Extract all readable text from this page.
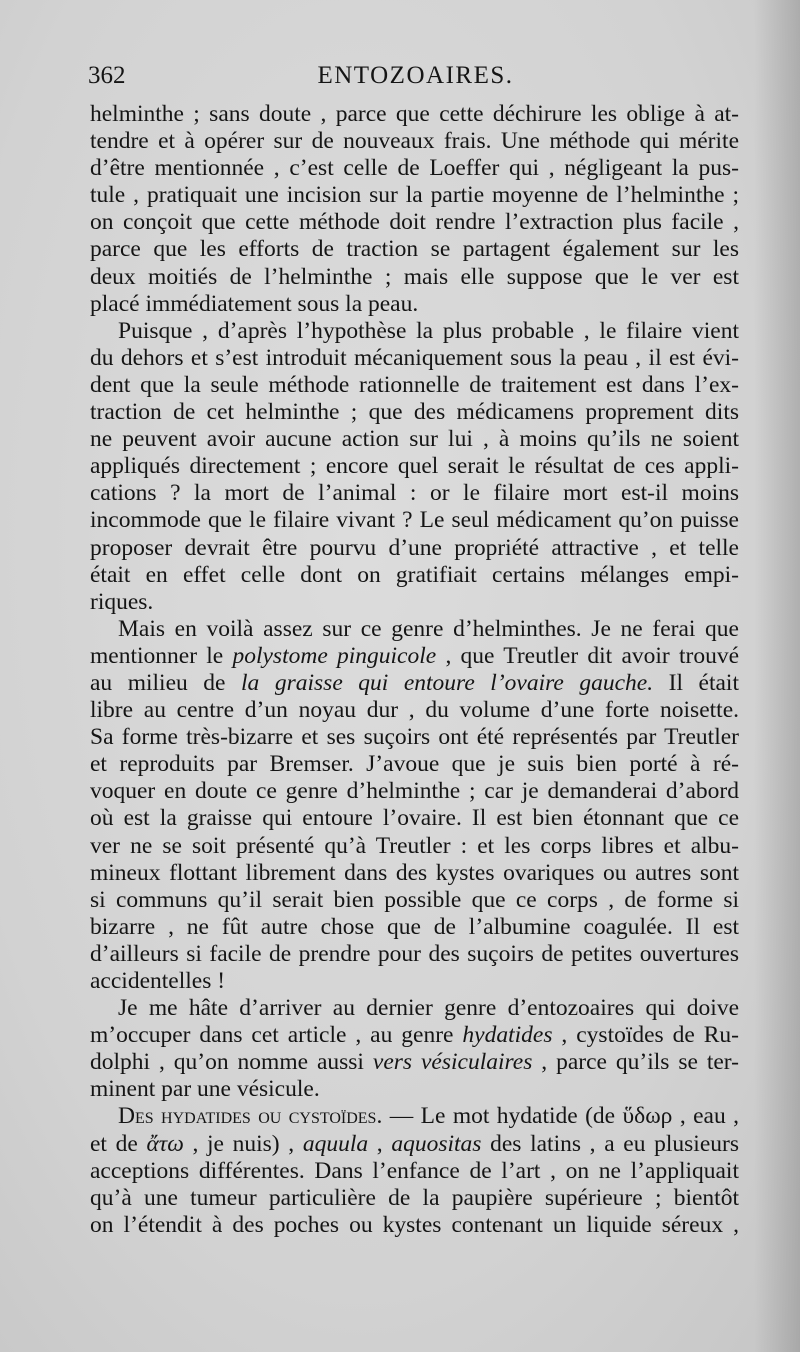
362	ENTOZOAIRES.
helminthe ; sans doute , parce que cette déchirure les oblige à at-
tendre et à opérer sur de nouveaux frais. Une méthode qui mérite
d’être mentionnée , c’est celle de Loeffer qui , négligeant la pus-
tule , pratiquait une incision sur la partie moyenne de l’helminthe ;
on conçoit que cette méthode doit rendre l’extraction plus facile ,
parce que les efforts de traction se partagent également sur les
deux moitiés de l’helminthe ; mais elle suppose que le ver est
placé immédiatement sous la peau.
Puisque , d’après l’hypothèse la plus probable , le filaire vient
du dehors et s’est introduit mécaniquement sous la peau , il est évi-
dent que la seule méthode rationnelle de traitement est dans l’ex-
traction de cet helminthe ; que des médicamens proprement dits
ne peuvent avoir aucune action sur lui , à moins qu’ils ne soient
appliqués directement ; encore quel serait le résultat de ces appli-
cations ? la mort de l’animal : or le filaire mort est-il moins
incommode que le filaire vivant ? Le seul médicament qu’on puisse
proposer devrait être pourvu d’une propriété attractive , et telle
était en effet celle dont on gratifiait certains mélanges empi-
riques.
Mais en voilà assez sur ce genre d’helminthes. Je ne ferai que
mentionner le polystome pinguicole , que Treutler dit avoir trouvé
au milieu de la graisse qui entoure l’ovaire gauche. Il était
libre au centre d’un noyau dur , du volume d’une forte noisette.
Sa forme très-bizarre et ses suçoirs ont été représentés par Treutler
et reproduits par Bremser. J’avoue que je suis bien porté à ré-
voquer en doute ce genre d’helminthe ; car je demanderai d’abord
où est la graisse qui entoure l’ovaire. Il est bien étonnant que ce
ver ne se soit présenté qu’à Treutler : et les corps libres et albu-
mineux flottant librement dans des kystes ovariques ou autres sont
si communs qu’il serait bien possible que ce corps , de forme si
bizarre , ne fût autre chose que de l’albumine coagulée. Il est
d’ailleurs si facile de prendre pour des suçoirs de petites ouvertures
accidentelles !
Je me hâte d’arriver au dernier genre d’entozoaires qui doive
m’occuper dans cet article , au genre hydatides , cystoïdes de Ru-
dolphi , qu’on nomme aussi vers vésiculaires , parce qu’ils se ter-
minent par une vésicule.
Des hydatides ou cystoïdes. — Le mot hydatide (de ὕδωρ , eau ,
et de ἄτω , je nuis) , aquula , aquositas des latins , a eu plusieurs
acceptions différentes. Dans l’enfance de l’art , on ne l’appliquait
qu’à une tumeur particulière de la paupière supérieure ; bientôt
on l’étendit à des poches ou kystes contenant un liquide séreux ,
